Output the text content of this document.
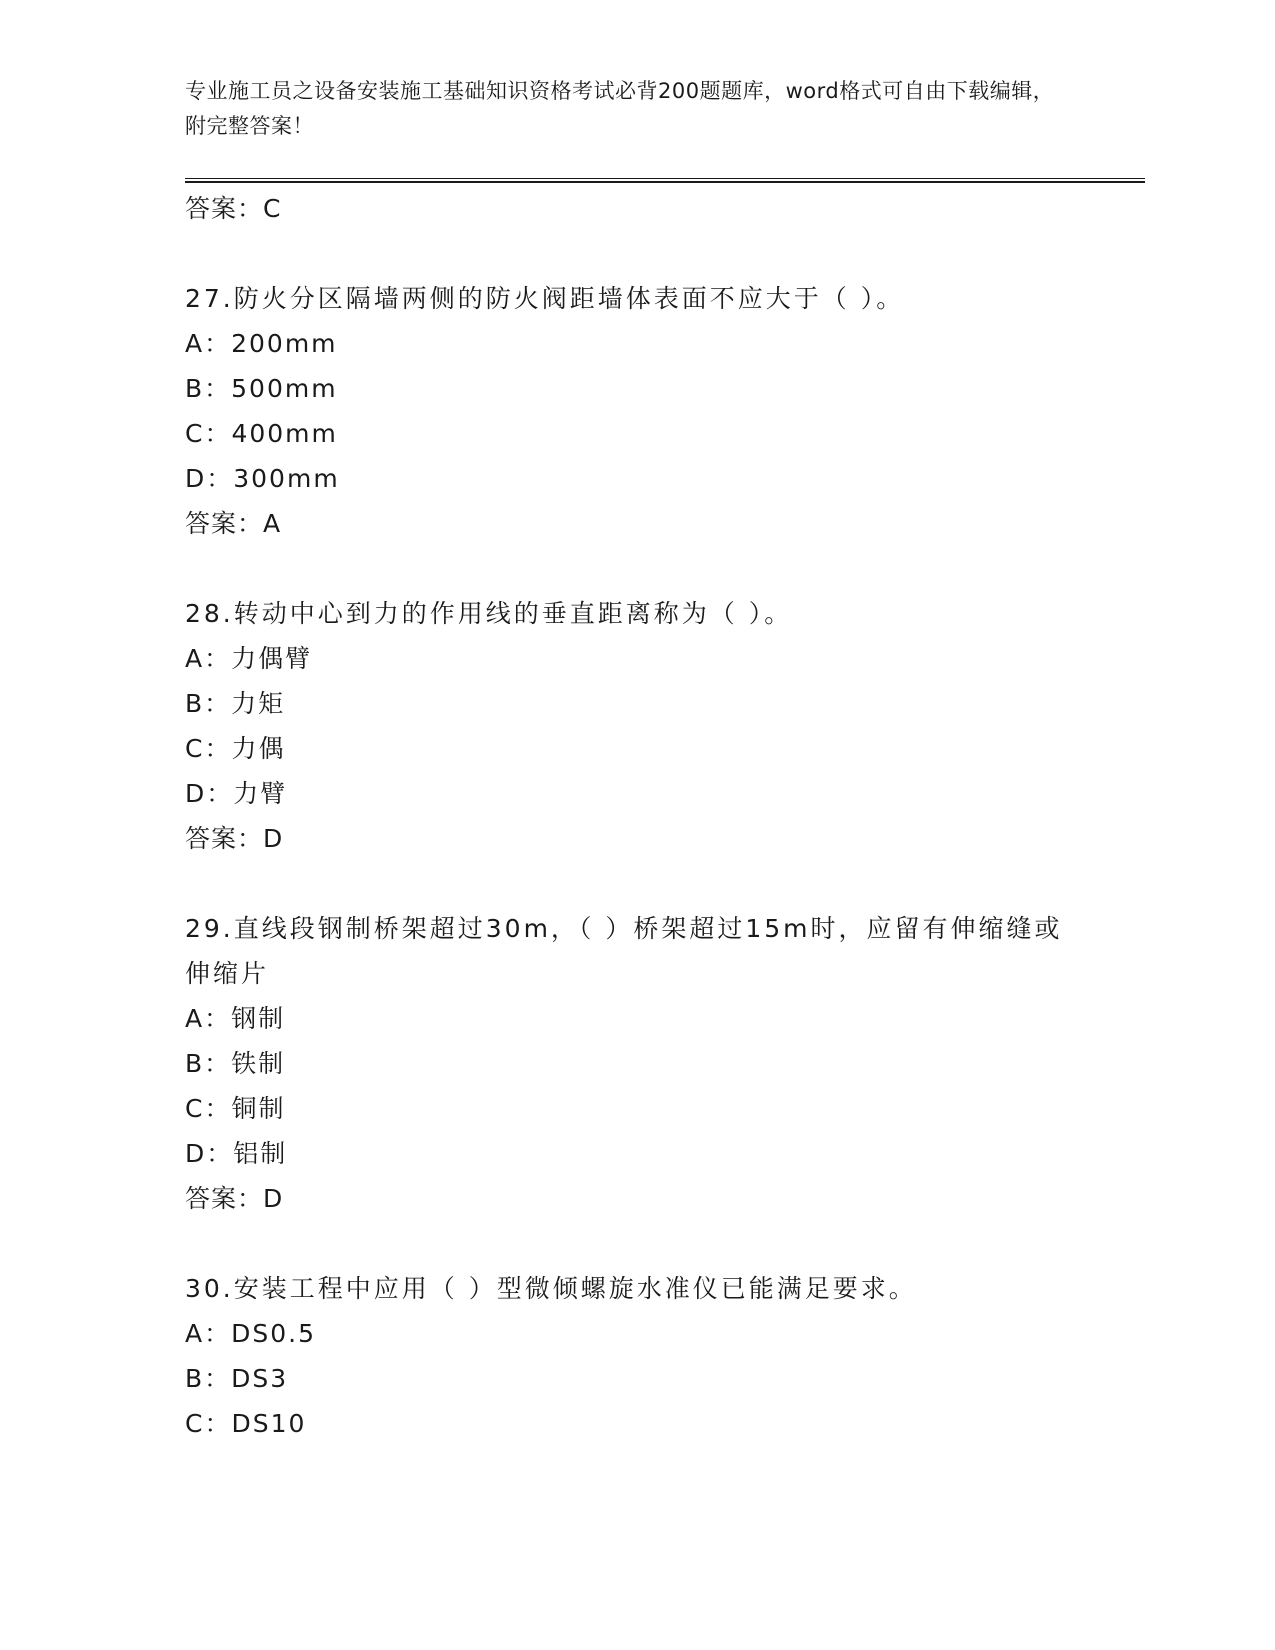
专业施工员之设备安装施工基础知识资格考试必背200题题库，word格式可自由下载编辑，附完整答案！
答案：C
27.防火分区隔墙两侧的防火阀距墙体表面不应大于（ ）。
A：200mm
B：500mm
C：400mm
D：300mm
答案：A
28.转动中心到力的作用线的垂直距离称为（ ）。
A：力偶臂
B：力矩
C：力偶
D：力臂
答案：D
29.直线段钢制桥架超过30m，（ ）桥架超过15m时，应留有伸缩缝或伸缩片
A：钢制
B：铁制
C：铜制
D：铝制
答案：D
30.安装工程中应用（ ）型微倾螺旋水准仪已能满足要求。
A：DS0.5
B：DS3
C：DS10
